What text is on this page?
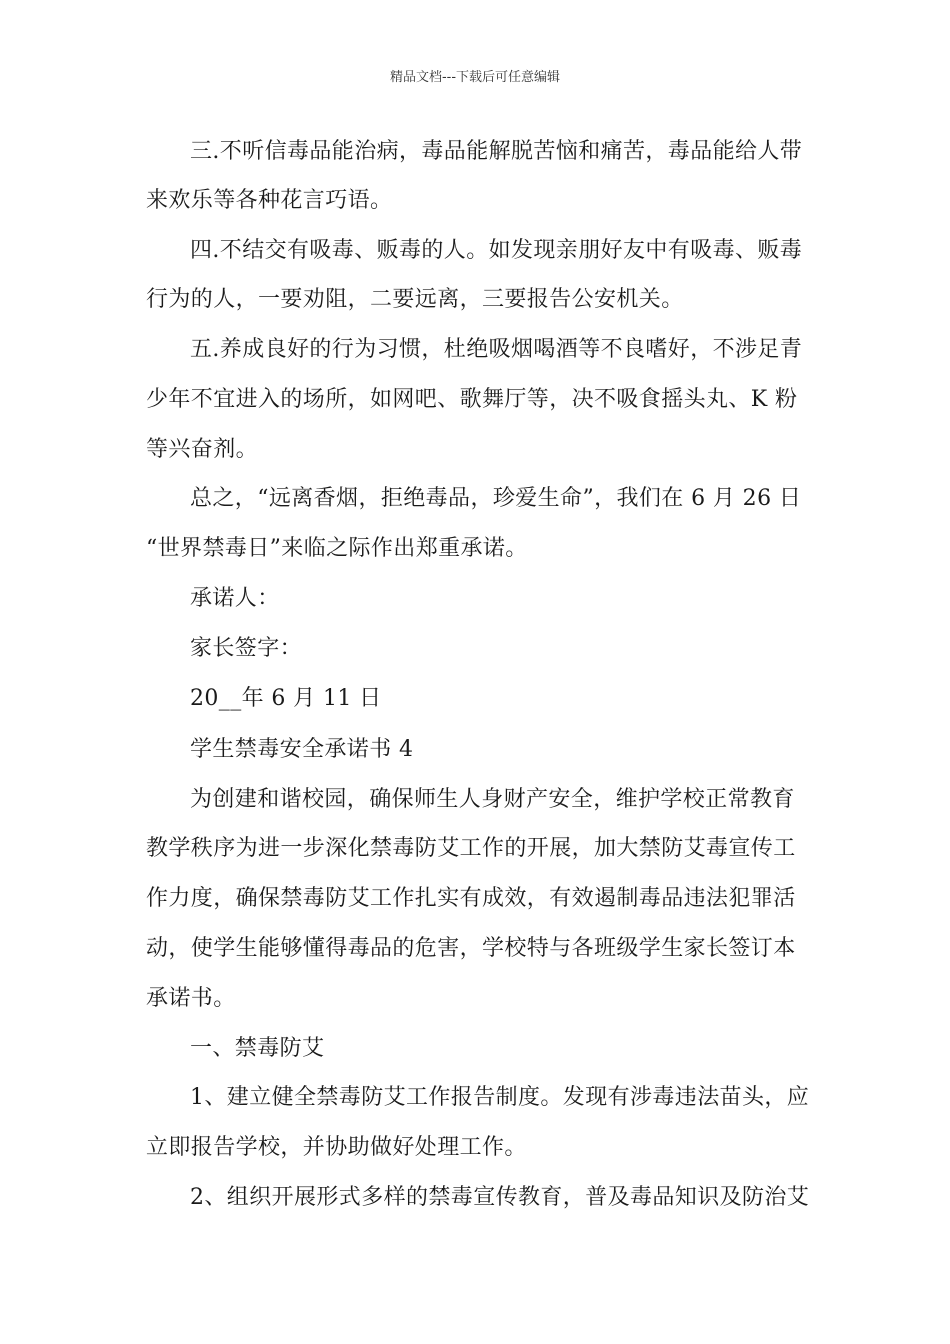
精品文档---下载后可任意编辑
三.不听信毒品能治病，毒品能解脱苦恼和痛苦，毒品能给人带
来欢乐等各种花言巧语。
四.不结交有吸毒、贩毒的人。如发现亲朋好友中有吸毒、贩毒
行为的人，一要劝阻，二要远离，三要报告公安机关。
五.养成良好的行为习惯，杜绝吸烟喝酒等不良嗜好，不涉足青
少年不宜进入的场所，如网吧、歌舞厅等，决不吸食摇头丸、K 粉
等兴奋剂。
总之，“远离香烟，拒绝毒品，珍爱生命”，我们在 6 月 26 日
“世界禁毒日”来临之际作出郑重承诺。
承诺人：
家长签字：
20__年 6 月 11 日
学生禁毒安全承诺书 4
为创建和谐校园，确保师生人身财产安全，维护学校正常教育
教学秩序为进一步深化禁毒防艾工作的开展，加大禁防艾毒宣传工
作力度，确保禁毒防艾工作扎实有成效，有效遏制毒品违法犯罪活
动，使学生能够懂得毒品的危害，学校特与各班级学生家长签订本
承诺书。
一、禁毒防艾
1、建立健全禁毒防艾工作报告制度。发现有涉毒违法苗头，应
立即报告学校，并协助做好处理工作。
2、组织开展形式多样的禁毒宣传教育，普及毒品知识及防治艾
